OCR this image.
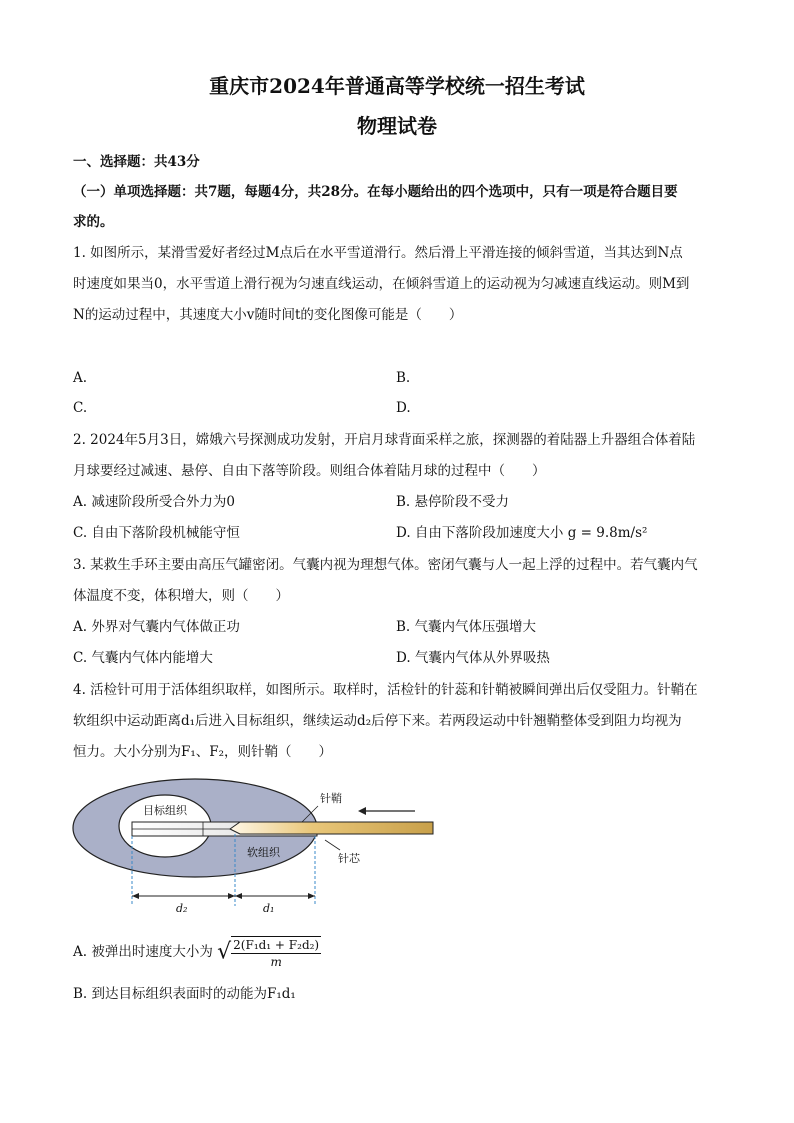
重庆市2024年普通高等学校统一招生考试
物理试卷
一、选择题：共43分
（一）单项选择题：共7题，每题4分，共28分。在每小题给出的四个选项中，只有一项是符合题目要
求的。
1. 如图所示，某滑雪爱好者经过M点后在水平雪道滑行。然后滑上平滑连接的倾斜雪道，当其达到N点
时速度如果当0，水平雪道上滑行视为匀速直线运动，在倾斜雪道上的运动视为匀减速直线运动。则M到
N的运动过程中，其速度大小v随时间t的变化图像可能是（　　）
A.	B.
C.	D.
2. 2024年5月3日，嫦娥六号探测成功发射，开启月球背面采样之旅，探测器的着陆器上升器组合体着陆
月球要经过减速、悬停、自由下落等阶段。则组合体着陆月球的过程中（　　）
A. 减速阶段所受合外力为0	B. 悬停阶段不受力
C. 自由下落阶段机械能守恒	D. 自由下落阶段加速度大小 g = 9.8m/s²
3. 某救生手环主要由高压气罐密闭。气囊内视为理想气体。密闭气囊与人一起上浮的过程中。若气囊内气
体温度不变，体积增大，则（　　）
A. 外界对气囊内气体做正功	B. 气囊内气体压强增大
C. 气囊内气体内能增大	D. 气囊内气体从外界吸热
4. 活检针可用于活体组织取样，如图所示。取样时，活检针的针蕊和针鞘被瞬间弹出后仅受阻力。针鞘在
软组织中运动距离d₁后进入目标组织，继续运动d₂后停下来。若两段运动中针翘鞘整体受到阻力均视为
恒力。大小分别为F₁、F₂，则针鞘（　　）
目标组织
针鞘
软组织	针芯
d₂	d₁
A. 被弹出时速度大小为 √ $\frac{\text{2(F₁d₁ + F₂d₂)}}{m}$
B. 到达目标组织表面时的动能为F₁d₁
